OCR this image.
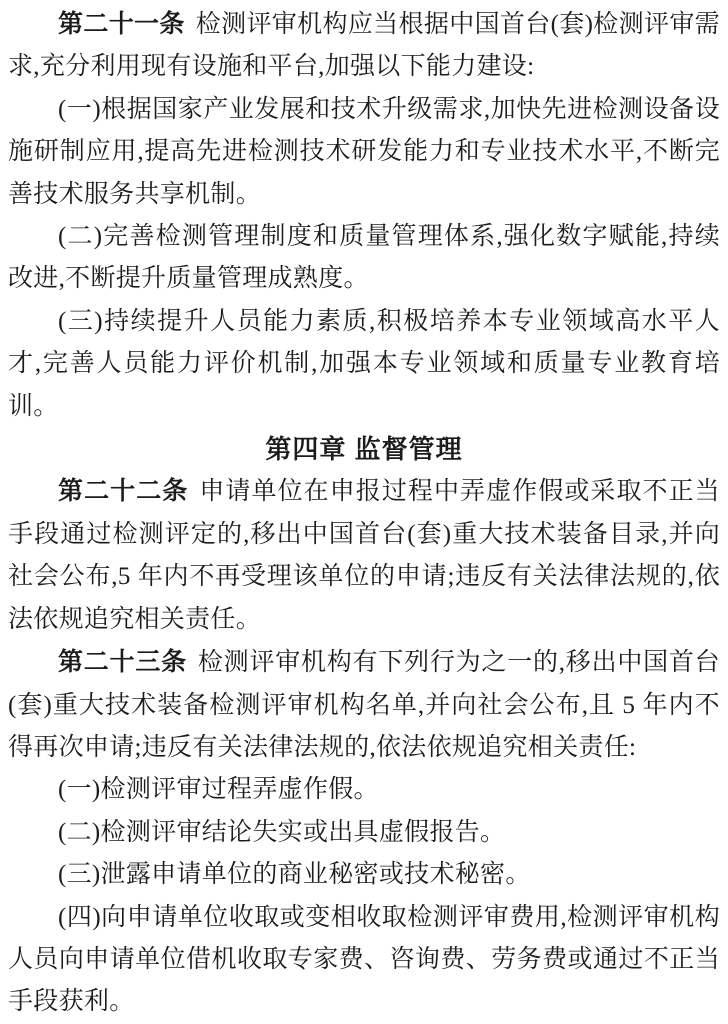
第二十一条 检测评审机构应当根据中国首台(套)检测评审需求,充分利用现有设施和平台,加强以下能力建设:

(一)根据国家产业发展和技术升级需求,加快先进检测设备设施研制应用,提高先进检测技术研发能力和专业技术水平,不断完善技术服务共享机制。

(二)完善检测管理制度和质量管理体系,强化数字赋能,持续改进,不断提升质量管理成熟度。

(三)持续提升人员能力素质,积极培养本专业领域高水平人才,完善人员能力评价机制,加强本专业领域和质量专业教育培训。

第四章 监督管理

第二十二条 申请单位在申报过程中弄虚作假或采取不正当手段通过检测评定的,移出中国首台(套)重大技术装备目录,并向社会公布,5 年内不再受理该单位的申请;违反有关法律法规的,依法依规追究相关责任。

第二十三条 检测评审机构有下列行为之一的,移出中国首台(套)重大技术装备检测评审机构名单,并向社会公布,且 5 年内不得再次申请;违反有关法律法规的,依法依规追究相关责任:

(一)检测评审过程弄虚作假。

(二)检测评审结论失实或出具虚假报告。

(三)泄露申请单位的商业秘密或技术秘密。

(四)向申请单位收取或变相收取检测评审费用,检测评审机构人员向申请单位借机收取专家费、咨询费、劳务费或通过不正当手段获利。
